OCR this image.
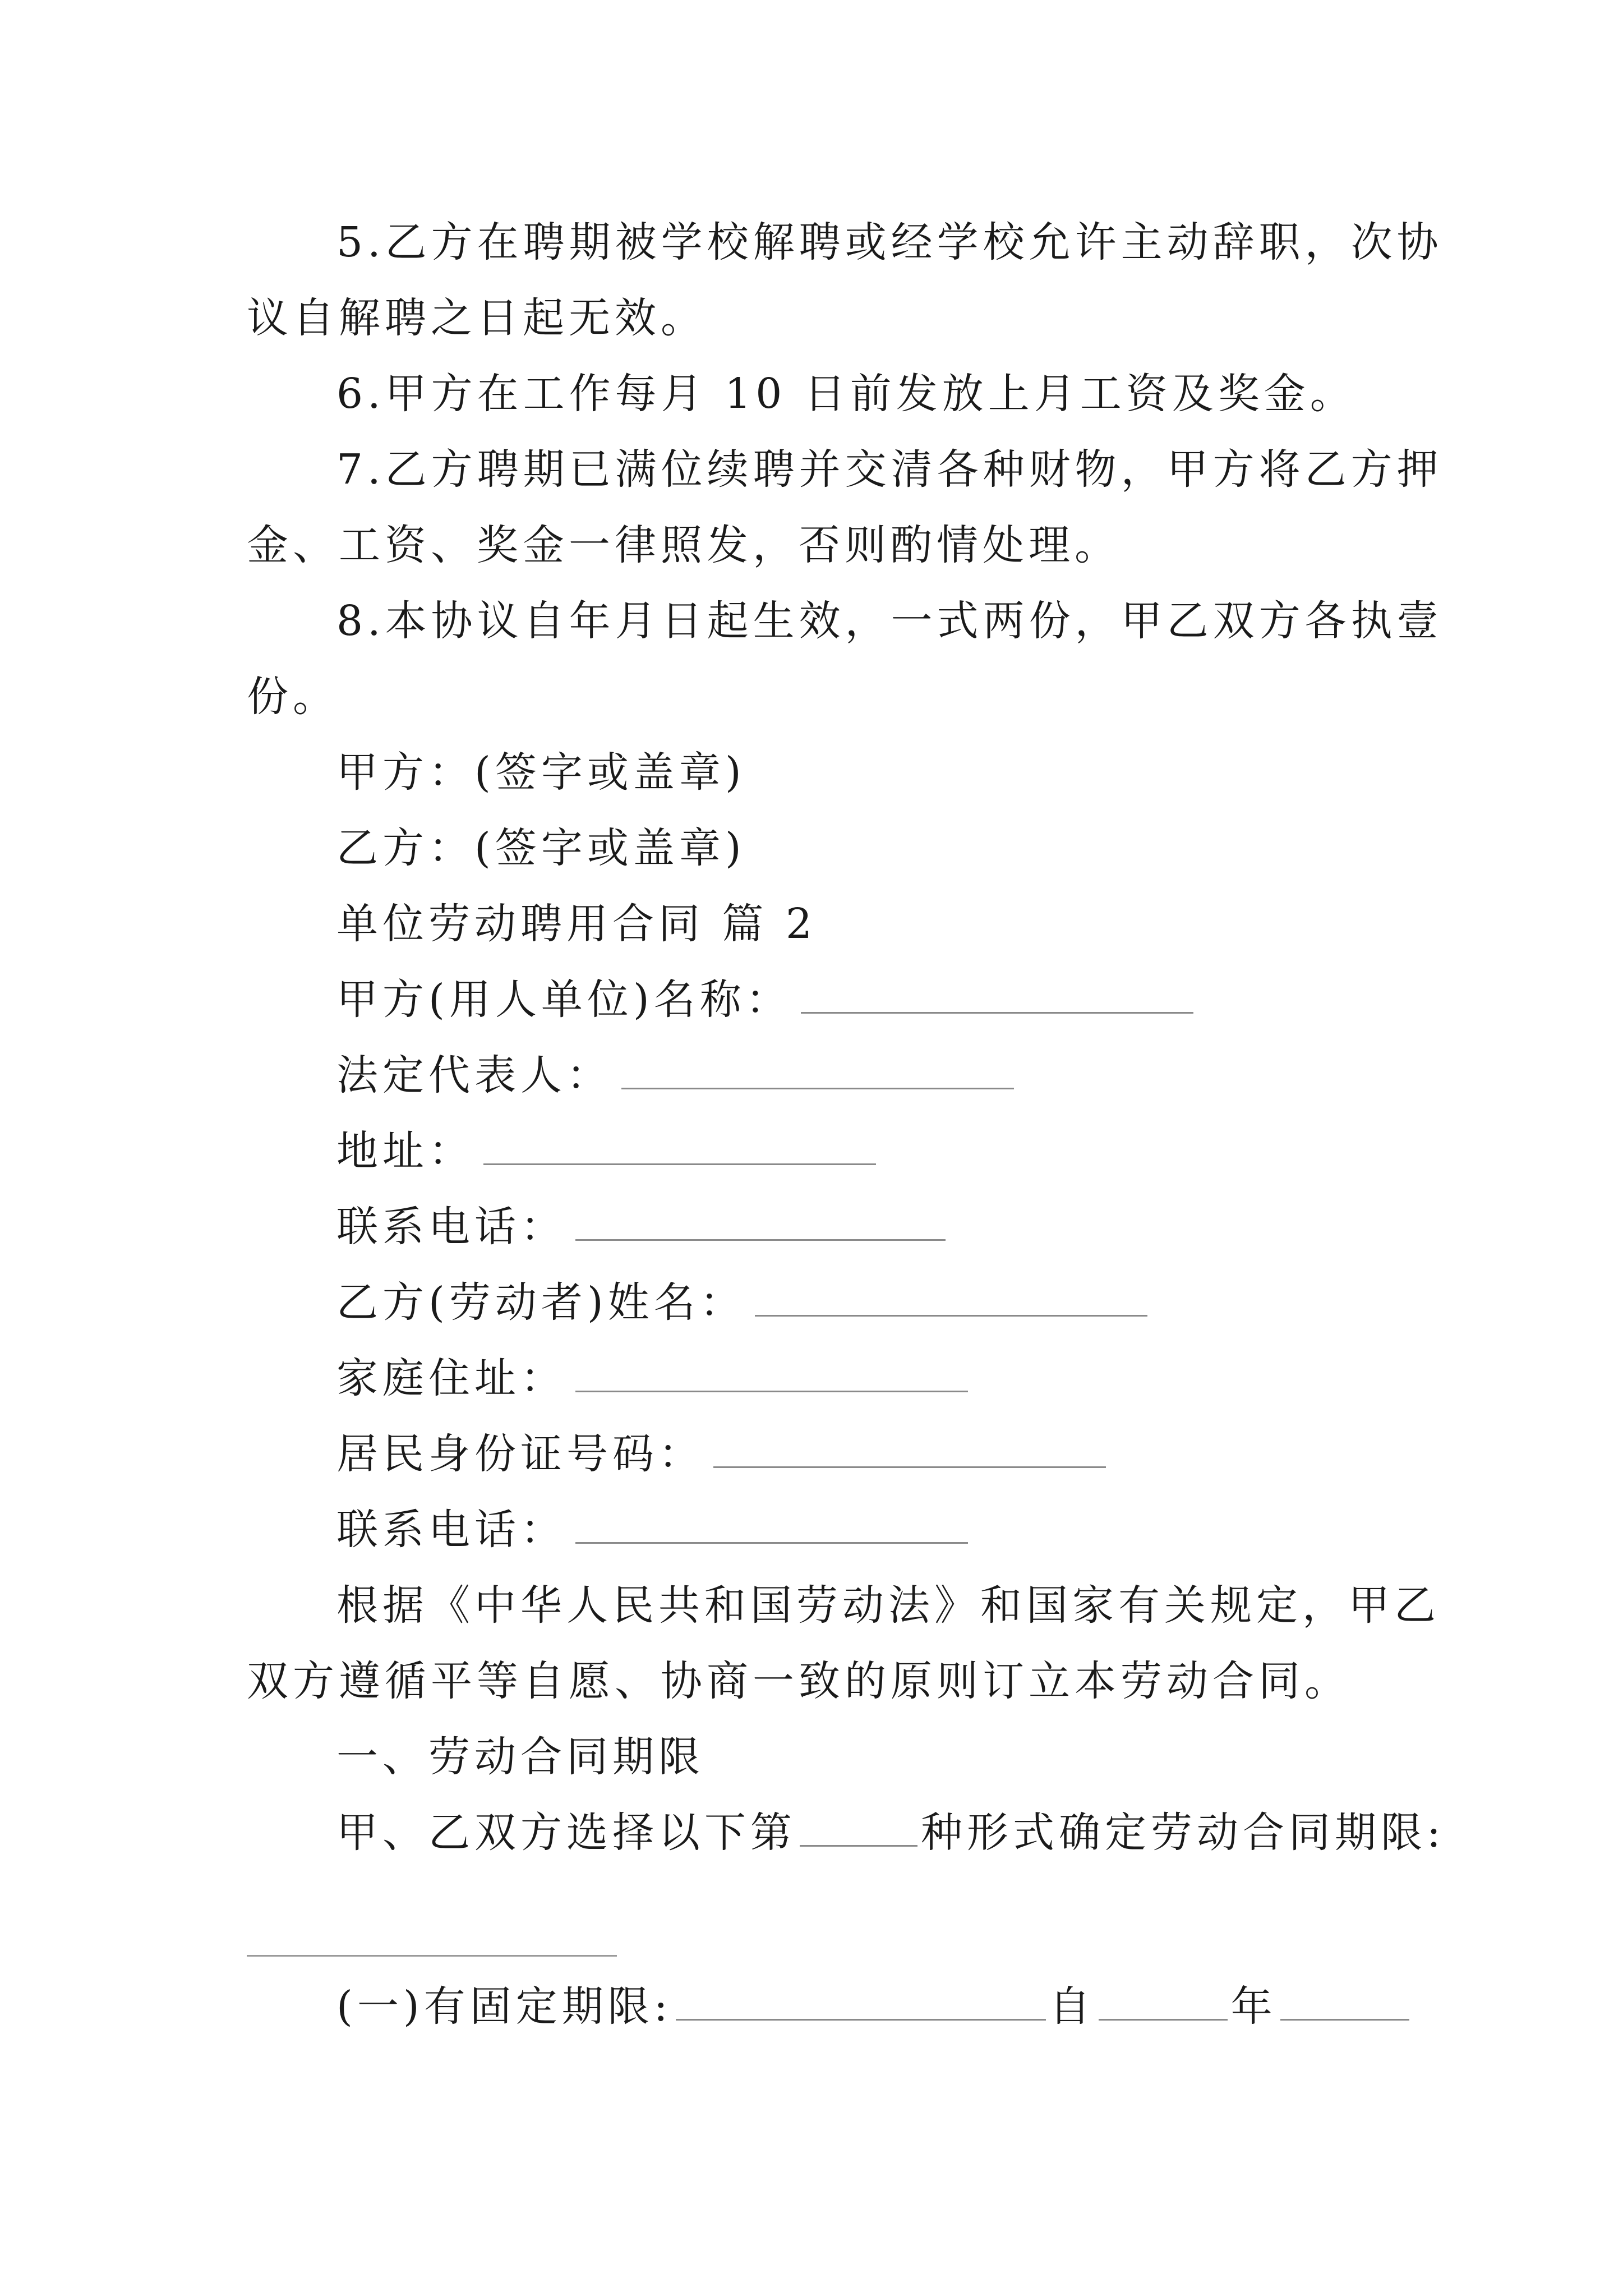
5.乙方在聘期被学校解聘或经学校允许主动辞职，次协
议自解聘之日起无效。
6.甲方在工作每月 10 日前发放上月工资及奖金。
7.乙方聘期已满位续聘并交清各种财物，甲方将乙方押
金、工资、奖金一律照发，否则酌情处理。
8.本协议自年月日起生效，一式两份，甲乙双方各执壹
份。
甲方：(签字或盖章)
乙方：(签字或盖章)
单位劳动聘用合同 篇 2
甲方(用人单位)名称：
法定代表人：
地址：
联系电话：
乙方(劳动者)姓名：
家庭住址：
居民身份证号码：
联系电话：
根据《中华人民共和国劳动法》和国家有关规定，甲乙
双方遵循平等自愿、协商一致的原则订立本劳动合同。
一、劳动合同期限
甲、乙双方选择以下第	种形式确定劳动合同期限:
(一)有固定期限:	自	年
